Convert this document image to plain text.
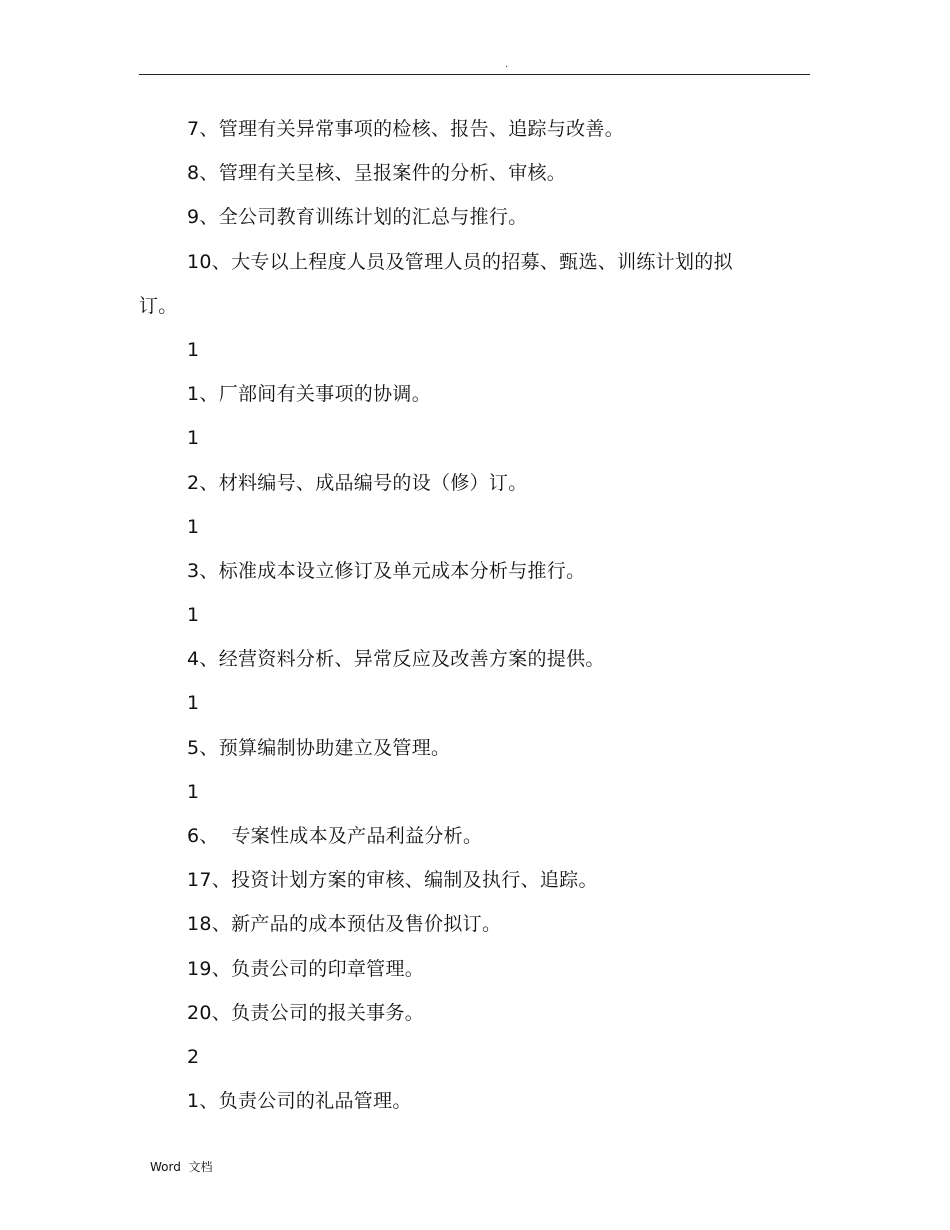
.
7、管理有关异常事项的检核、报告、追踪与改善。
8、管理有关呈核、呈报案件的分析、审核。
9、全公司教育训练计划的汇总与推行。
10、大专以上程度人员及管理人员的招募、甄选、训练计划的拟
订。
1
1、厂部间有关事项的协调。
1
2、材料编号、成品编号的设（修）订。
1
3、标准成本设立修订及单元成本分析与推行。
1
4、经营资料分析、异常反应及改善方案的提供。
1
5、预算编制协助建立及管理。
1
6、  专案性成本及产品利益分析。
17、投资计划方案的审核、编制及执行、追踪。
18、新产品的成本预估及售价拟订。
19、负责公司的印章管理。
20、负责公司的报关事务。
2
1、负责公司的礼品管理。
Word  文档
